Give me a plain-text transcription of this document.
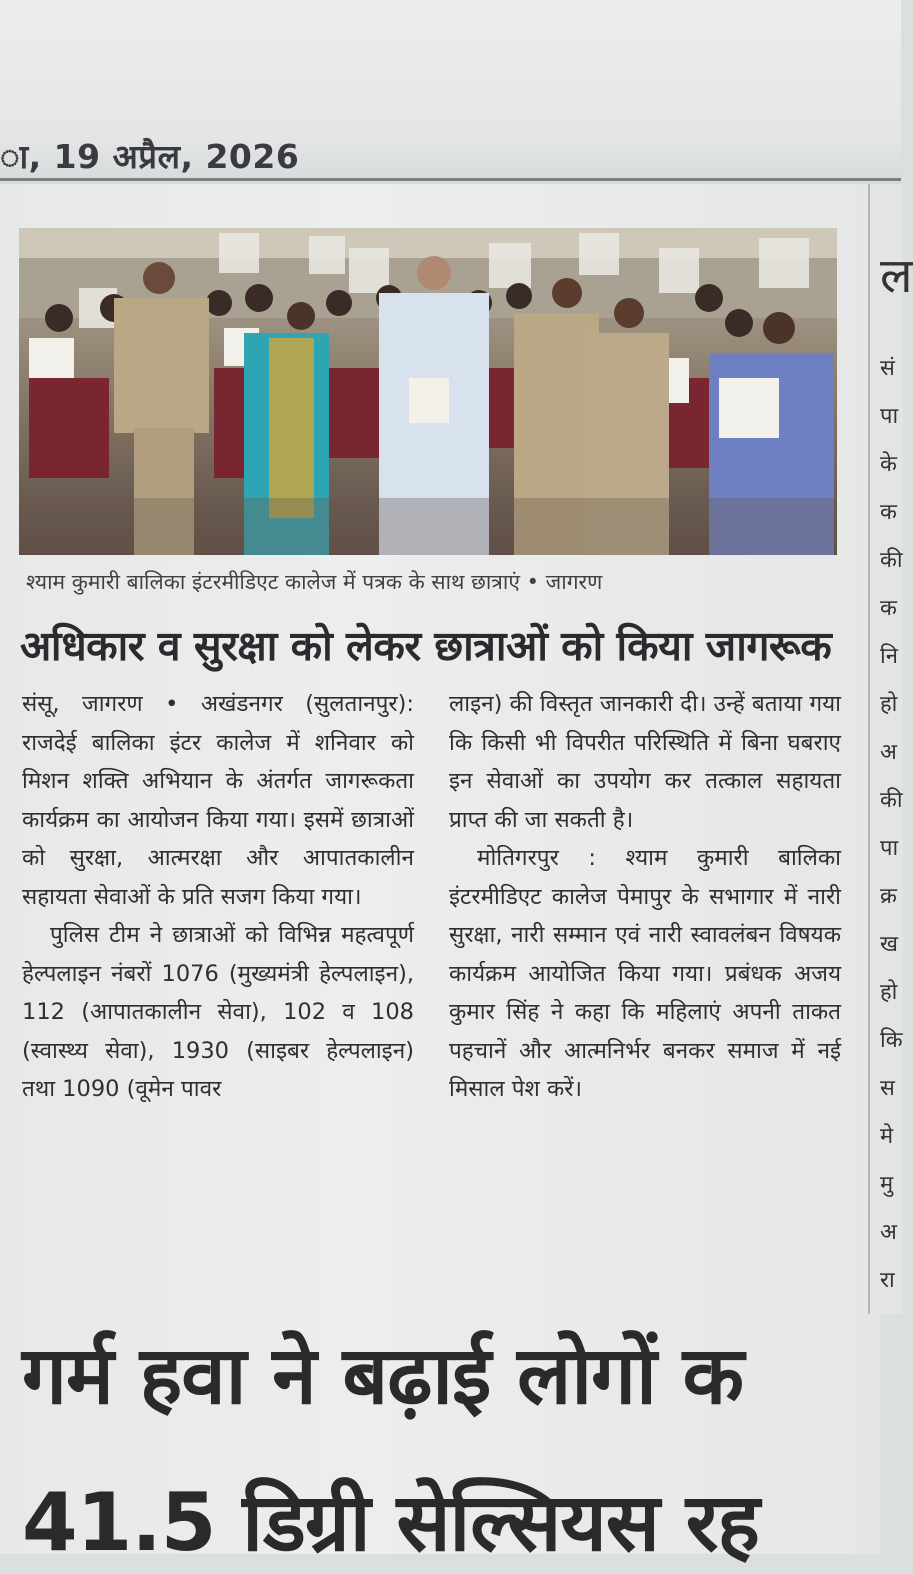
ा, 19 अप्रैल, 2026
ल
सं
पा
के
क
की
क
नि
हो
अ
की
पा
क्र
ख
हो
कि
स
मे
मु
अ
रा
श्याम कुमारी बालिका इंटरमीडिएट कालेज में पत्रक के साथ छात्राएं • जागरण
अधिकार व सुरक्षा को लेकर छात्राओं को किया जागरूक

संसू, जागरण • अखंडनगर (सुलतानपुर): राजदेई बालिका इंटर कालेज में शनिवार को मिशन शक्ति अभियान के अंतर्गत जागरूकता कार्यक्रम का आयोजन किया गया। इसमें छात्राओं को सुरक्षा, आत्मरक्षा और आपातकालीन सहायता सेवाओं के प्रति सजग किया गया।

पुलिस टीम ने छात्राओं को विभिन्न महत्वपूर्ण हेल्पलाइन नंबरों 1076 (मुख्यमंत्री हेल्पलाइन), 112 (आपातकालीन सेवा), 102 व 108 (स्वास्थ्य सेवा), 1930 (साइबर हेल्पलाइन) तथा 1090 (वूमेन पावर

लाइन) की विस्तृत जानकारी दी। उन्हें बताया गया कि किसी भी विपरीत परिस्थिति में बिना घबराए इन सेवाओं का उपयोग कर तत्काल सहायता प्राप्त की जा सकती है।

मोतिगरपुर : श्याम कुमारी बालिका इंटरमीडिएट कालेज पेमापुर के सभागार में नारी सुरक्षा, नारी सम्मान एवं नारी स्वावलंबन विषयक कार्यक्रम आयोजित किया गया। प्रबंधक अजय कुमार सिंह ने कहा कि महिलाएं अपनी ताकत पहचानें और आत्मनिर्भर बनकर समाज में नई मिसाल पेश करें।

गर्म हवा ने बढ़ाई लोगों क
41.5 डिग्री सेल्सियस रह
